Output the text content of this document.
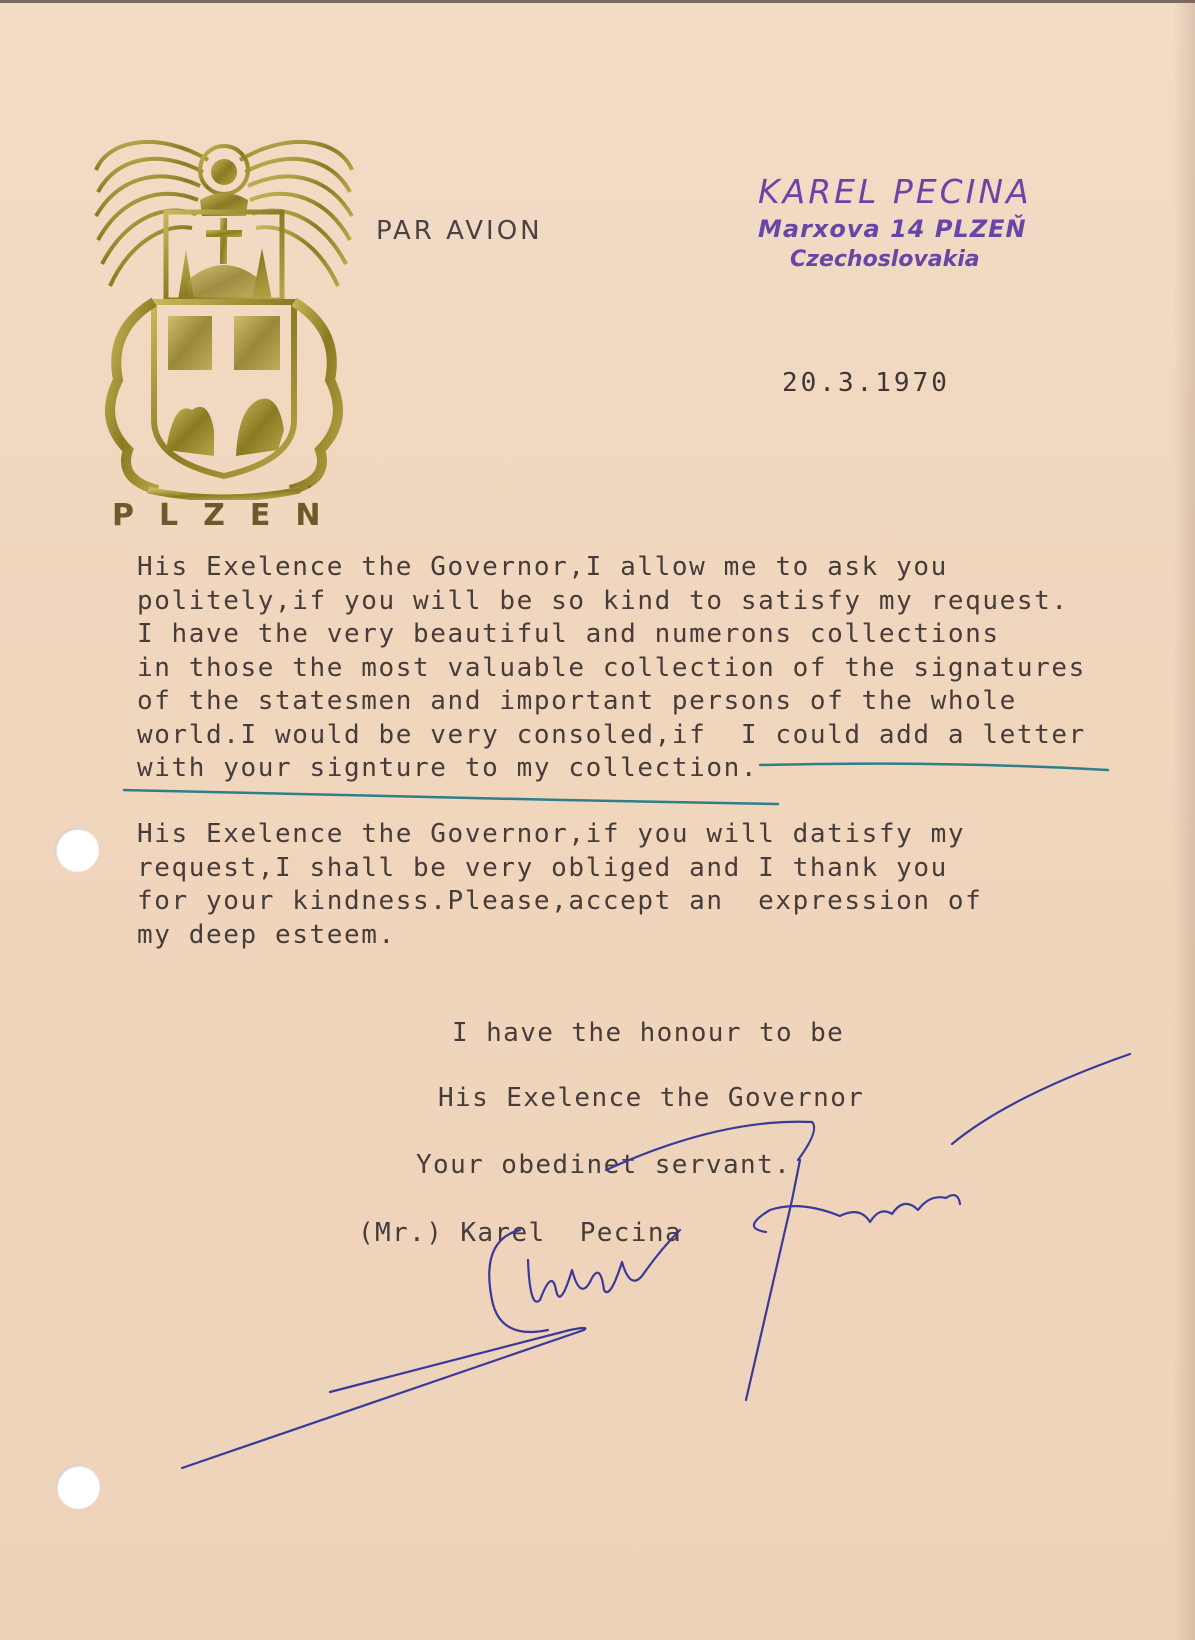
PLZEN
ˇ
PAR AVION
KAREL PECINA
Marxova 14 PLZEŇ
Czechoslovakia
20.3.1970
His Exelence the Governor,I allow me to ask you
politely,if you will be so kind to satisfy my request.
I have the very beautiful and numerons collections
in those the most valuable collection of the signatures
of the statesmen and important persons of the whole
world.I would be very consoled,if  I could add a letter
with your signture to my collection.
His Exelence the Governor,if you will datisfy my
request,I shall be very obliged and I thank you
for your kindness.Please,accept an  expression of
my deep esteem.
I have the honour to be
His Exelence the Governor
Your obedinet servant.
(Mr.) Karel  Pecina
